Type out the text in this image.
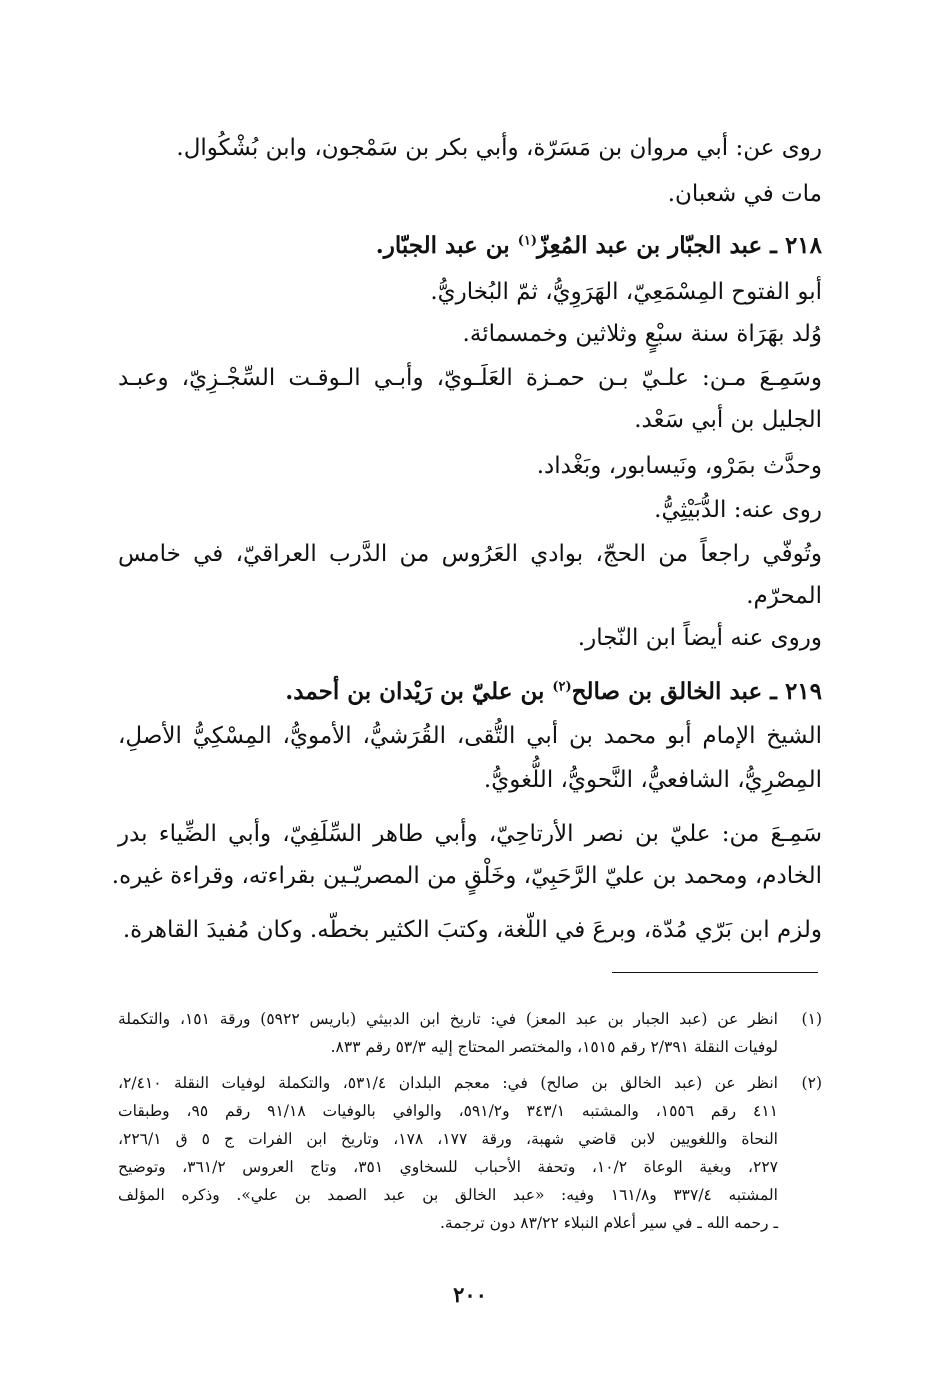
روى عن: أبي مروان بن مَسَرّة، وأبي بكر بن سَمْجون، وابن بُشْكُوال.
مات في شعبان.
٢١٨ ـ عبد الجبّار بن عبد المُعِزّ$^{(١)}$ بن عبد الجبّار.
أبو الفتوح المِسْمَعِيّ، الهَرَوِيُّ، ثمّ البُخاريُّ.
وُلد بهَرَاة سنة سبْعٍ وثلاثين وخمسمائة.
وسَمِـعَ مـن: علـيّ بـن حمـزة العَلَـويّ، وأبـي الـوقـت السِّجْـزِيّ، وعبـد
الجليل بن أبي سَعْد.
وحدَّث بمَرْو، ونَيسابور، وبَغْداد.
روى عنه: الدُّبَيْثِيُّ.
وتُوفّي راجعاً من الحجّ، بوادي العَرُوس من الدَّرب العراقيّ، في خامس
المحرّم.
وروى عنه أيضاً ابن النّجار.
٢١٩ ـ عبد الخالق بن صالح$^{(٢)}$ بن عليّ بن رَيْدان بن أحمد.
الشيخ الإمام أبو محمد بن أبي التُّقى، القُرَشيُّ، الأمويُّ، المِسْكِيُّ الأصلِ،
المِصْرِيُّ، الشافعيُّ، النَّحويُّ، اللُّغويُّ.
سَمِـعَ من: عليّ بن نصر الأرتاحِيّ، وأبي طاهر السِّلَفِيّ، وأبي الضِّياء بدر
الخادم، ومحمد بن عليّ الرَّحَبِيّ، وخَلْقٍ من المصريّـين بقراءته، وقراءة غيره.
ولزم ابن بَرّي مُدّة، وبرعَ في اللّغة، وكتبَ الكثير بخطّه. وكان مُفيدَ القاهرة.
(١)
انظر عن (عبد الجبار بن عبد المعز) في: تاريخ ابن الدبيثي (باريس ٥٩٢٢) ورقة ١٥١، والتكملة
لوفيات النقلة ٢/٣٩١ رقم ١٥١٥، والمختصر المحتاج إليه ٥٣/٣ رقم ٨٣٣.
(٢)
انظر عن (عبد الخالق بن صالح) في: معجم البلدان ٥٣١/٤، والتكملة لوفيات النقلة ٢/٤١٠،
٤١١ رقم ١٥٥٦، والمشتبه ٣٤٣/١ و٥٩١/٢، والوافي بالوفيات ٩١/١٨ رقم ٩٥، وطبقات
النحاة واللغويين لابن قاضي شهبة، ورقة ١٧٧، ١٧٨، وتاريخ ابن الفرات ج ٥ ق ٢٢٦/١،
٢٢٧، وبغية الوعاة ١٠/٢، وتحفة الأحباب للسخاوي ٣٥١، وتاج العروس ٣٦١/٢، وتوضيح
المشتبه ٣٣٧/٤ و١٦١/٨ وفيه: «عبد الخالق بن عبد الصمد بن علي». وذكره المؤلف
ـ رحمه الله ـ في سير أعلام النبلاء ٨٣/٢٢ دون ترجمة.
٢٠٠
